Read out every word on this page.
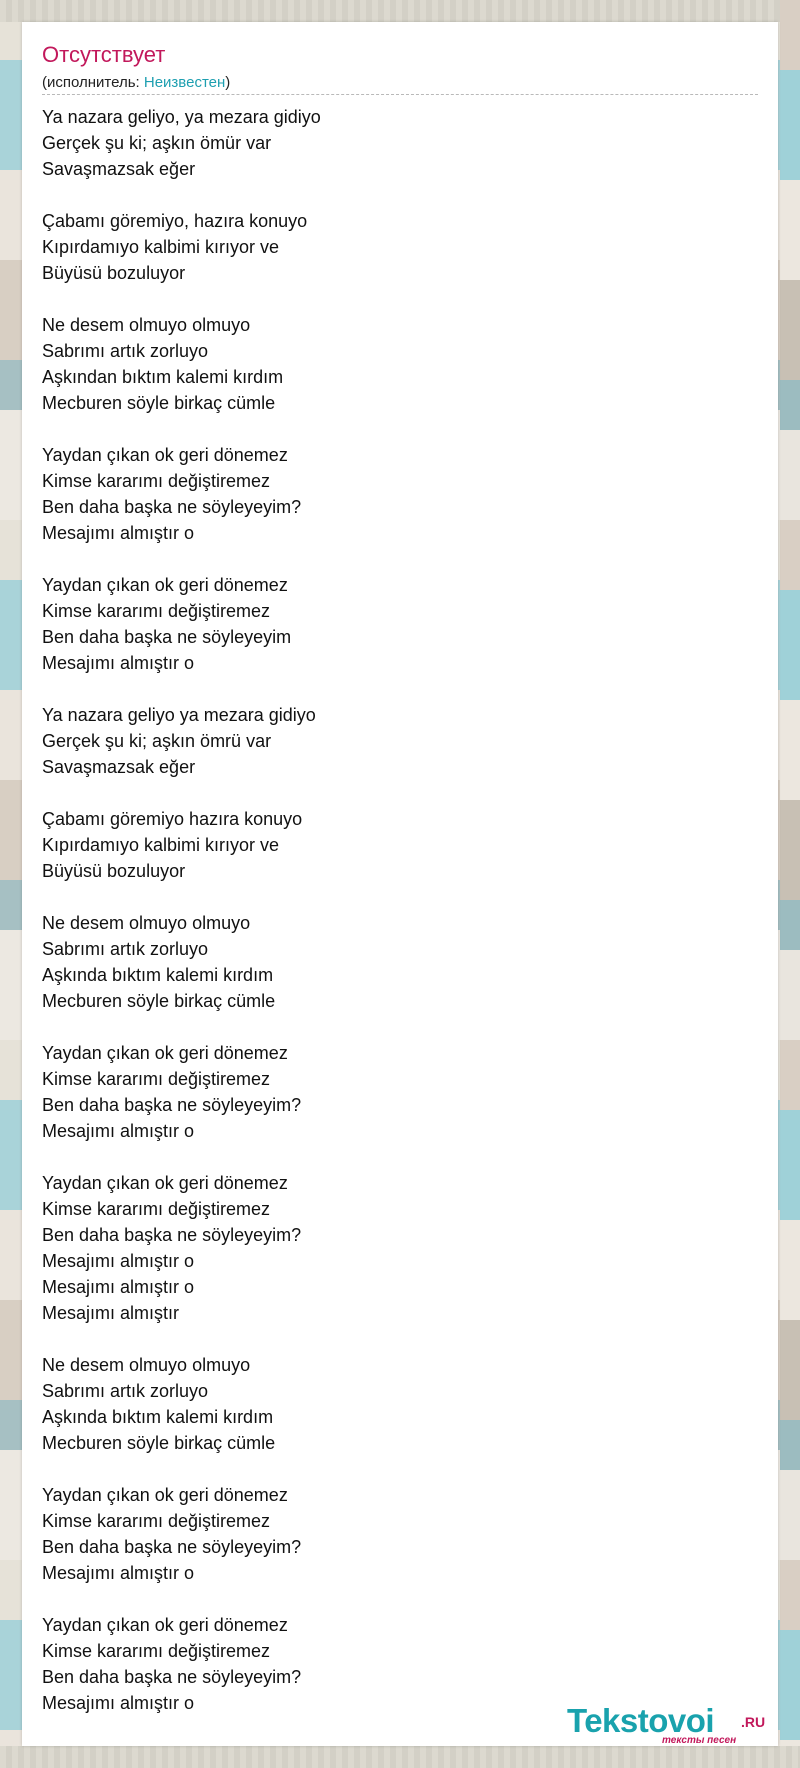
Отсутствует
(исполнитель: Неизвестен)
Ya nazara geliyo, ya mezara gidiyo
Gerçek şu ki; aşkın ömür var
Savaşmazsak eğer
Çabamı göremiyo, hazıra konuyo
Kıpırdamıyo kalbimi kırıyor ve
Büyüsü bozuluyor
Ne desem olmuyo olmuyo
Sabrımı artık zorluyo
Aşkından bıktım kalemi kırdım
Mecburen söyle birkaç cümle
Yaydan çıkan ok geri dönemez
Kimse kararımı değiştiremez
Ben daha başka ne söyleyeyim?
Mesajımı almıştır o
Yaydan çıkan ok geri dönemez
Kimse kararımı değiştiremez
Ben daha başka ne söyleyeyim
Mesajımı almıştır o
Ya nazara geliyo ya mezara gidiyo
Gerçek şu ki; aşkın ömrü var
Savaşmazsak eğer
Çabamı göremiyo hazıra konuyo
Kıpırdamıyo kalbimi kırıyor ve
Büyüsü bozuluyor
Ne desem olmuyo olmuyo
Sabrımı artık zorluyo
Aşkında bıktım kalemi kırdım
Mecburen söyle birkaç cümle
Yaydan çıkan ok geri dönemez
Kimse kararımı değiştiremez
Ben daha başka ne söyleyeyim?
Mesajımı almıştır o
Yaydan çıkan ok geri dönemez
Kimse kararımı değiştiremez
Ben daha başka ne söyleyeyim?
Mesajımı almıştır o
Mesajımı almıştır o
Mesajımı almıştır
Ne desem olmuyo olmuyo
Sabrımı artık zorluyo
Aşkında bıktım kalemi kırdım
Mecburen söyle birkaç cümle
Yaydan çıkan ok geri dönemez
Kimse kararımı değiştiremez
Ben daha başka ne söyleyeyim?
Mesajımı almıştır o
Yaydan çıkan ok geri dönemez
Kimse kararımı değiştiremez
Ben daha başka ne söyleyeyim?
Mesajımı almıştır o	Tekstovoi .RU
тексты песен
